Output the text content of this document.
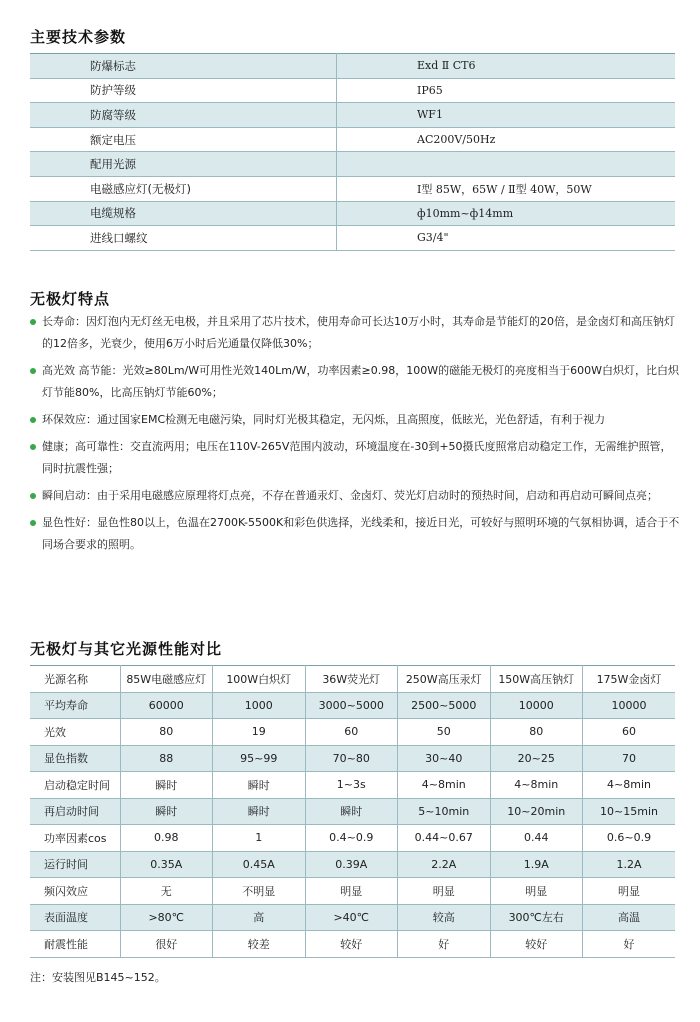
主要技术参数
防爆标志	Exd Ⅱ CT6
防护等级	IP65
防腐等级	WF1
额定电压	AC200V/50Hz
配用光源	
电磁感应灯(无极灯)	Ⅰ型 85W，65W / Ⅱ型 40W，50W
电缆规格	ф10mm~ф14mm
进线口螺纹	G3/4"
无极灯特点
长寿命：因灯泡内无灯丝无电极，并且采用了芯片技术，使用寿命可长达10万小时，其寿命是节能灯的20倍，是金卤灯和高压钠灯的12倍多，光衰少，使用6万小时后光通量仅降低30%；
高光效 高节能：光效≥80Lm/W可用性光效140Lm/W，功率因素≥0.98，100W的磁能无极灯的亮度相当于600W白炽灯，比白炽灯节能80%，比高压钠灯节能60%；
环保效应：通过国家EMC检测无电磁污染，同时灯光极其稳定，无闪烁，且高照度，低眩光，光色舒适，有利于视力
健康；高可靠性：交直流两用；电压在110V-265V范围内波动，环境温度在-30到+50摄氏度照常启动稳定工作，无需维护照管，同时抗震性强；
瞬间启动：由于采用电磁感应原理将灯点亮，不存在普通汞灯、金卤灯、荧光灯启动时的预热时间，启动和再启动可瞬间点亮；
显色性好：显色性80以上，色温在2700K-5500K和彩色供选择，光线柔和，接近日光，可较好与照明环境的气氛相协调，适合于不同场合要求的照明。
无极灯与其它光源性能对比
光源名称	85W电磁感应灯	100W白炽灯	36W荧光灯	250W高压汞灯	150W高压钠灯	175W金卤灯
平均寿命	60000	1000	3000~5000	2500~5000	10000	10000
光效	80	19	60	50	80	60
显色指数	88	95~99	70~80	30~40	20~25	70
启动稳定时间	瞬时	瞬时	1~3s	4~8min	4~8min	4~8min
再启动时间	瞬时	瞬时	瞬时	5~10min	10~20min	10~15min
功率因素cos	0.98	1	0.4~0.9	0.44~0.67	0.44	0.6~0.9
运行时间	0.35A	0.45A	0.39A	2.2A	1.9A	1.2A
频闪效应	无	不明显	明显	明显	明显	明显
表面温度	>80℃	高	>40℃	较高	300℃左右	高温
耐震性能	很好	较差	较好	好	较好	好

注：安装图见B145~152。
